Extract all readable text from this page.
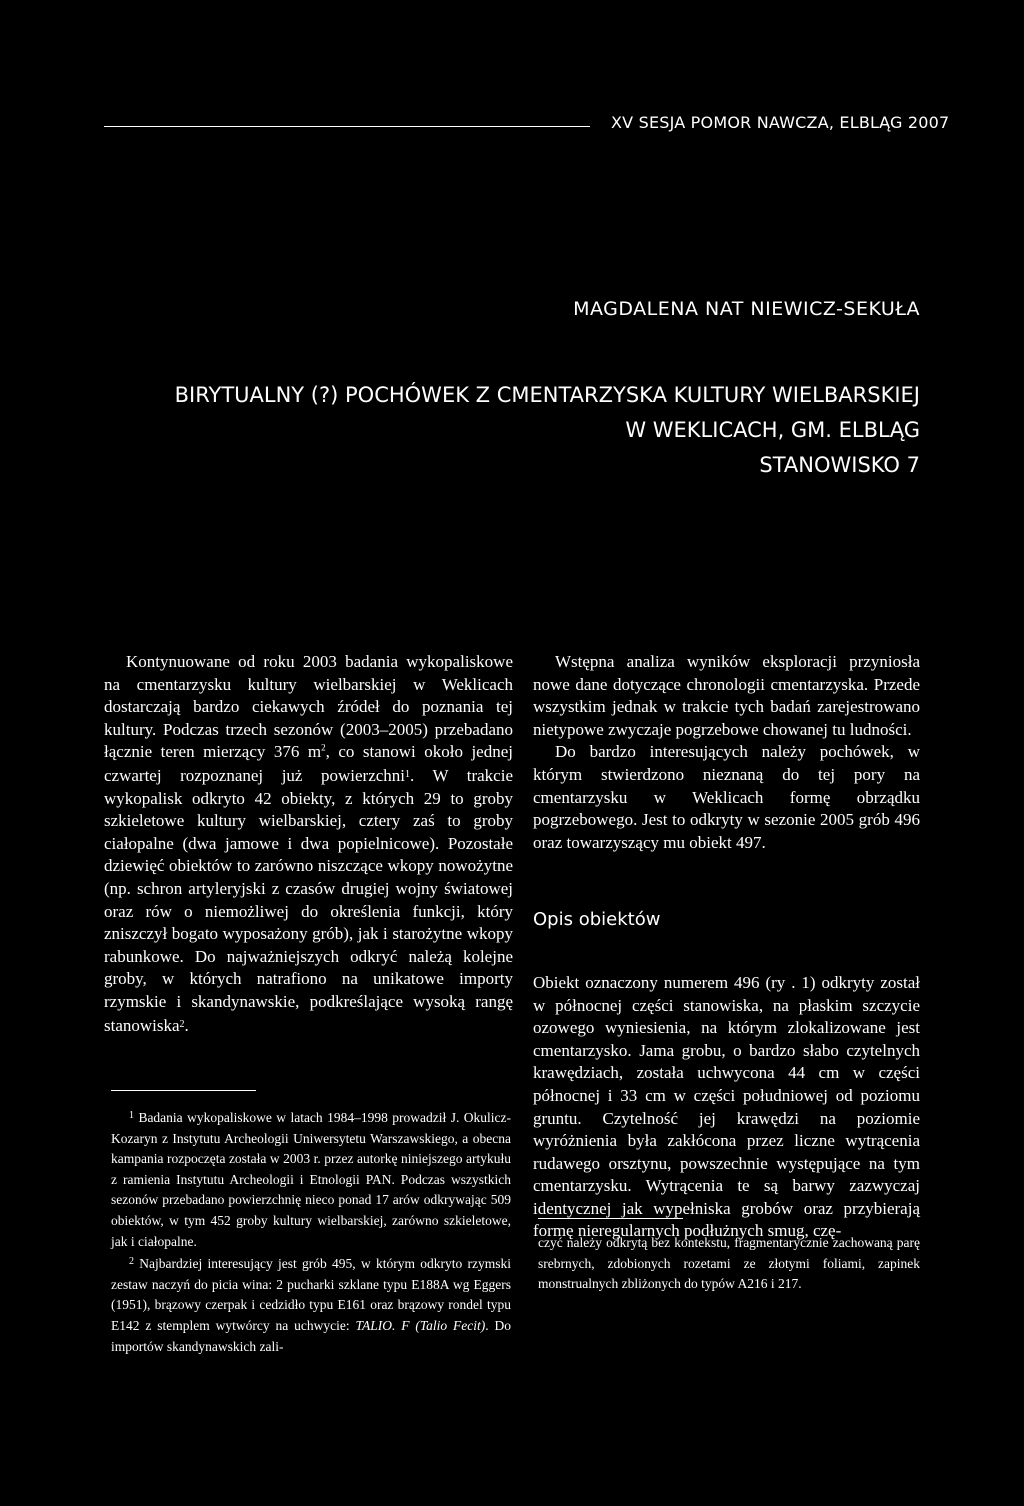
XV SESJA POMOR NAWCZA, ELBLĄG 2007
MAGDALENA NAT NIEWICZ-SEKUŁA
BIRYTUALNY (?) POCHÓWEK Z CMENTARZYSKA KULTURY WIELBARSKIEJ
W WEKLICACH, GM. ELBLĄG
STANOWISKO 7

Kontynuowane od roku 2003 badania wykopaliskowe na cmentarzysku kultury wielbarskiej w Weklicach dostarczają bardzo ciekawych źródeł do poznania tej kultury. Podczas trzech sezonów (2003–2005) przebadano łącznie teren mierzący 376 $m^2$, co stanowi około jednej czwartej rozpoznanej już powierzchni$^1$. W trakcie wykopalisk odkryto 42 obiekty, z których 29 to groby szkieletowe kultury wielbarskiej, cztery zaś to groby ciałopalne (dwa jamowe i dwa popielnicowe). Pozostałe dziewięć obiektów to zarówno niszczące wkopy nowożytne (np. schron artyleryjski z czasów drugiej wojny światowej oraz rów o niemożliwej do określenia funkcji, który zniszczył bogato wyposażony grób), jak i starożytne wkopy rabunkowe. Do najważniejszych odkryć należą kolejne groby, w których natrafiono na unikatowe importy rzymskie i skandynawskie, podkreślające wysoką rangę stanowiska$^2$.

Wstępna analiza wyników eksploracji przyniosła nowe dane dotyczące chronologii cmentarzyska. Przede wszystkim jednak w trakcie tych badań zarejestrowano nietypowe zwyczaje pogrzebowe chowanej tu ludności.

Do bardzo interesujących należy pochówek, w którym stwierdzono nieznaną do tej pory na cmentarzysku w Weklicach formę obrządku pogrzebowego. Jest to odkryty w sezonie 2005 grób 496 oraz towarzyszący mu obiekt 497.

Opis obiektów

Obiekt oznaczony numerem 496 (ry . 1) odkryty został w północnej części stanowiska, na płaskim szczycie ozowego wyniesienia, na którym zlokalizowane jest cmentarzysko. Jama grobu, o bardzo słabo czytelnych krawędziach, została uchwycona 44 cm w części północnej i 33 cm w części południowej od poziomu gruntu. Czytelność jej krawędzi na poziomie wyróżnienia była zakłócona przez liczne wytrącenia rudawego orsztynu, powszechnie występujące na tym cmentarzysku. Wytrącenia te są barwy zazwyczaj identycznej jak wypełniska grobów oraz przybierają formę nieregularnych podłużnych smug, czę-

$^1$ Badania wykopaliskowe w latach 1984–1998 prowadził J. Okulicz-Kozaryn z Instytutu Archeologii Uniwersytetu Warszawskiego, a obecna kampania rozpoczęta została w 2003 r. przez autorkę niniejszego artykułu z ramienia Instytutu Archeologii i Etnologii PAN. Podczas wszystkich sezonów przebadano powierzchnię nieco ponad 17 arów odkrywając 509 obiektów, w tym 452 groby kultury wielbarskiej, zarówno szkieletowe, jak i ciałopalne.

$^2$ Najbardziej interesujący jest grób 495, w którym odkryto rzymski zestaw naczyń do picia wina: 2 pucharki szklane typu E188A wg Eggers (1951), brązowy czerpak i cedzidło typu E161 oraz brązowy rondel typu E142 z stemplem wytwórcy na uchwycie: TALIO. F (Talio Fecit). Do importów skandynawskich zali-

czyć należy odkrytą bez kontekstu, fragmentarycznie zachowaną parę srebrnych, zdobionych rozetami ze złotymi foliami, zapinek monstrualnych zbliżonych do typów A216 i 217.
